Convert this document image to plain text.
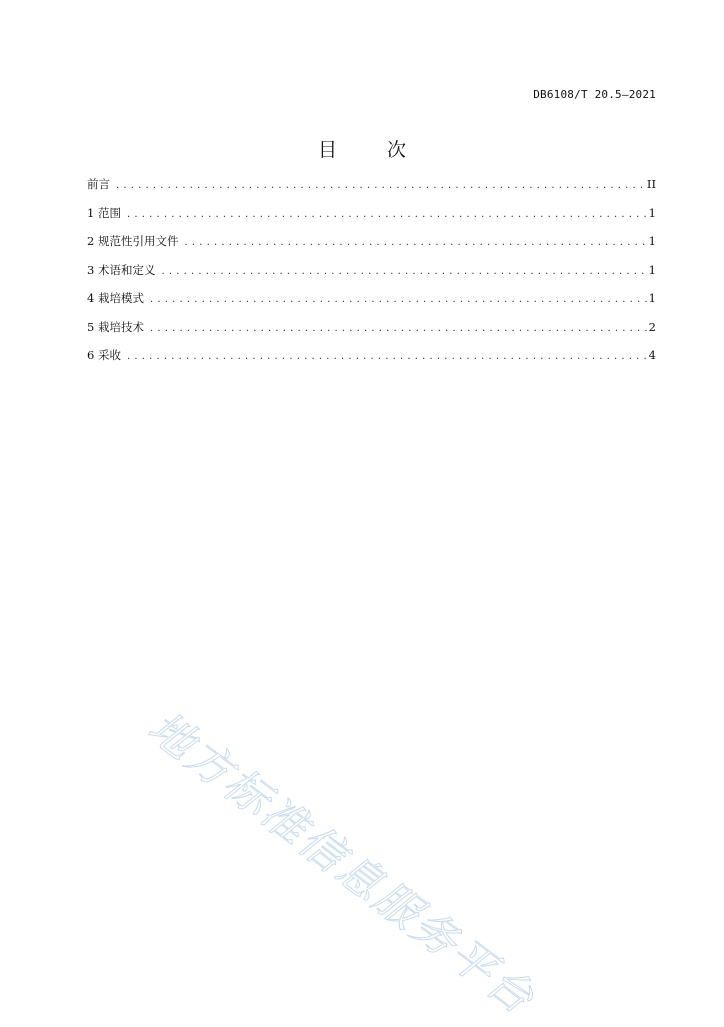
DB6108/T 20.5—2021
目 次
前言 .....	II
1 范围 .....	1
2 规范性引用文件 .....	1
3 术语和定义 .....	1
4 栽培模式 .....	1
5 栽培技术 .....	2
6 采收 .....	4
地方标准信息服务平台
